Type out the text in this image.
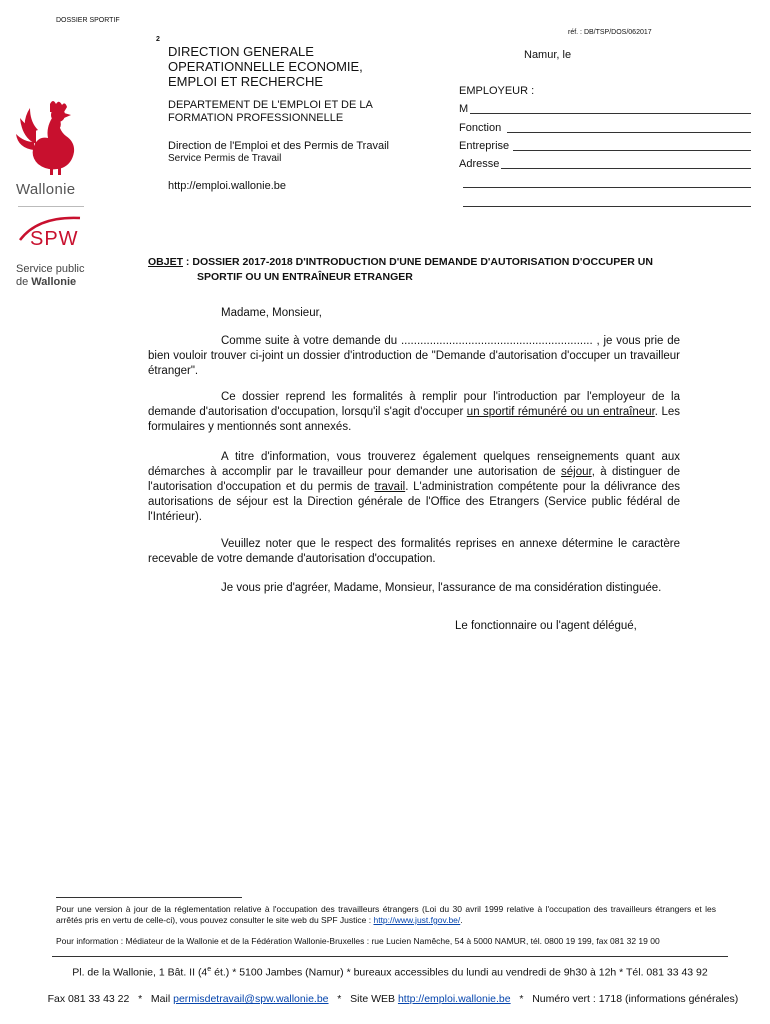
DOSSIER SPORTIF
réf. : DB/TSP/DOS/062017
2
Wallonie
SPW
Service public
de Wallonie
DIRECTION GENERALE
OPERATIONNELLE ECONOMIE,
EMPLOI ET RECHERCHE
DEPARTEMENT DE L'EMPLOI ET DE LA
FORMATION PROFESSIONNELLE
Direction de l'Emploi et des Permis de Travail
Service Permis de Travail
http://emploi.wallonie.be
Namur, le
EMPLOYEUR :
M
Fonction
Entreprise
Adresse
OBJET : DOSSIER 2017-2018 D'INTRODUCTION D'UNE DEMANDE D'AUTORISATION D'OCCUPER UN
SPORTIF OU UN ENTRAÎNEUR ETRANGER
Madame, Monsieur,
Comme suite à votre demande du ............................................................ , je vous prie de bien vouloir trouver ci-joint un dossier d'introduction de "Demande d'autorisation d'occuper un travailleur étranger".
Ce dossier reprend les formalités à remplir pour l'introduction par l'employeur de la demande d'autorisation d'occupation, lorsqu'il s'agit d'occuper un sportif rémunéré ou un entraîneur. Les formulaires y mentionnés sont annexés.
A titre d'information, vous trouverez également quelques renseignements quant aux démarches à accomplir par le travailleur pour demander une autorisation de séjour, à distinguer de l'autorisation d'occupation et du permis de travail. L'administration compétente pour la délivrance des autorisations de séjour est la Direction générale de l'Office des Etrangers (Service public fédéral de l'Intérieur).
Veuillez noter que le respect des formalités reprises en annexe détermine le caractère recevable de votre demande d'autorisation d'occupation.
Je vous prie d'agréer, Madame, Monsieur, l'assurance de ma considération distinguée.
Le fonctionnaire ou l'agent délégué,
Pour une version à jour de la réglementation relative à l'occupation des travailleurs étrangers (Loi du 30 avril 1999 relative à l'occupation des travailleurs étrangers et les arrêtés pris en vertu de celle-ci), vous pouvez consulter le site web du SPF Justice : http://www.just.fgov.be/.
Pour information : Médiateur de la Wallonie et de la Fédération Wallonie-Bruxelles : rue Lucien Namêche, 54 à 5000 NAMUR, tél. 0800 19 199, fax 081 32 19 00
Pl. de la Wallonie, 1 Bât. II (4e ét.) * 5100 Jambes (Namur) * bureaux accessibles du lundi au vendredi de 9h30 à 12h * Tél. 081 33 43 92

Fax 081 33 43 22   *   Mail permisdetravail@spw.wallonie.be   *   Site WEB http://emploi.wallonie.be   *   Numéro vert : 1718 (informations générales)
